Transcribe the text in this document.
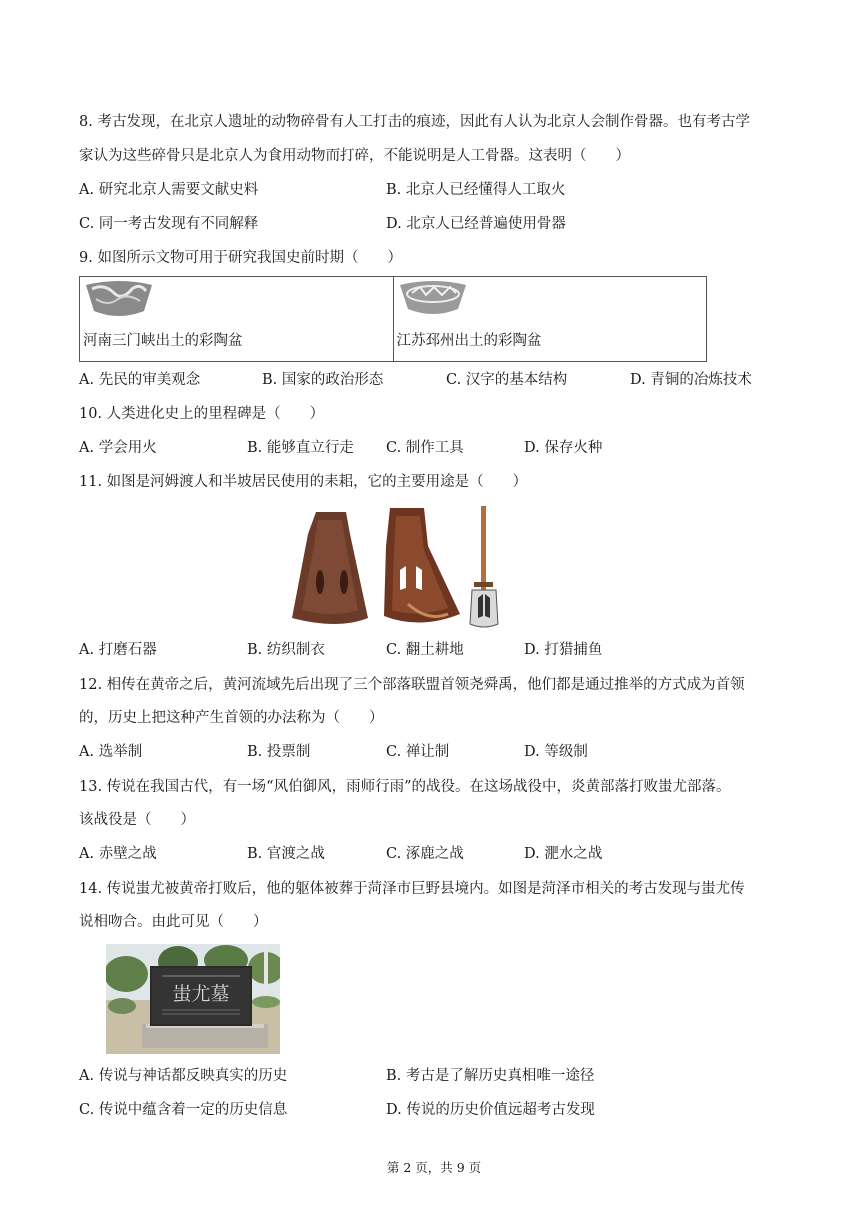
8. 考古发现，在北京人遗址的动物碎骨有人工打击的痕迹，因此有人认为北京人会制作骨器。也有考古学
家认为这些碎骨只是北京人为食用动物而打碎，不能说明是人工骨器。这表明（　　）
A. 研究北京人需要文献史料	B. 北京人已经懂得人工取火
C. 同一考古发现有不同解释	D. 北京人已经普遍使用骨器
9. 如图所示文物可用于研究我国史前时期（　　）
河南三门峡出土的彩陶盆	江苏邳州出土的彩陶盆
A. 先民的审美观念	B. 国家的政治形态	C. 汉字的基本结构	D. 青铜的冶炼技术
10. 人类进化史上的里程碑是（　　）
A. 学会用火	B. 能够直立行走 C. 制作工具	D. 保存火种
11. 如图是河姆渡人和半坡居民使用的耒耜，它的主要用途是（　　）
A. 打磨石器	B. 纺织制衣	C. 翻土耕地	D. 打猎捕鱼
12. 相传在黄帝之后，黄河流域先后出现了三个部落联盟首领尧舜禹，他们都是通过推举的方式成为首领
的，历史上把这种产生首领的办法称为（　　）
A. 选举制	B. 投票制	C. 禅让制	D. 等级制
13. 传说在我国古代，有一场“风伯御风，雨师行雨”的战役。在这场战役中，炎黄部落打败蚩尤部落。
该战役是（　　）
A. 赤壁之战	B. 官渡之战	C. 涿鹿之战	D. 淝水之战
14. 传说蚩尤被黄帝打败后，他的躯体被葬于菏泽市巨野县境内。如图是菏泽市相关的考古发现与蚩尤传
说相吻合。由此可见（　　）
蚩尤墓
A. 传说与神话都反映真实的历史	B. 考古是了解历史真相唯一途径
C. 传说中蕴含着一定的历史信息	D. 传说的历史价值远超考古发现
第 2 页，共 9 页
